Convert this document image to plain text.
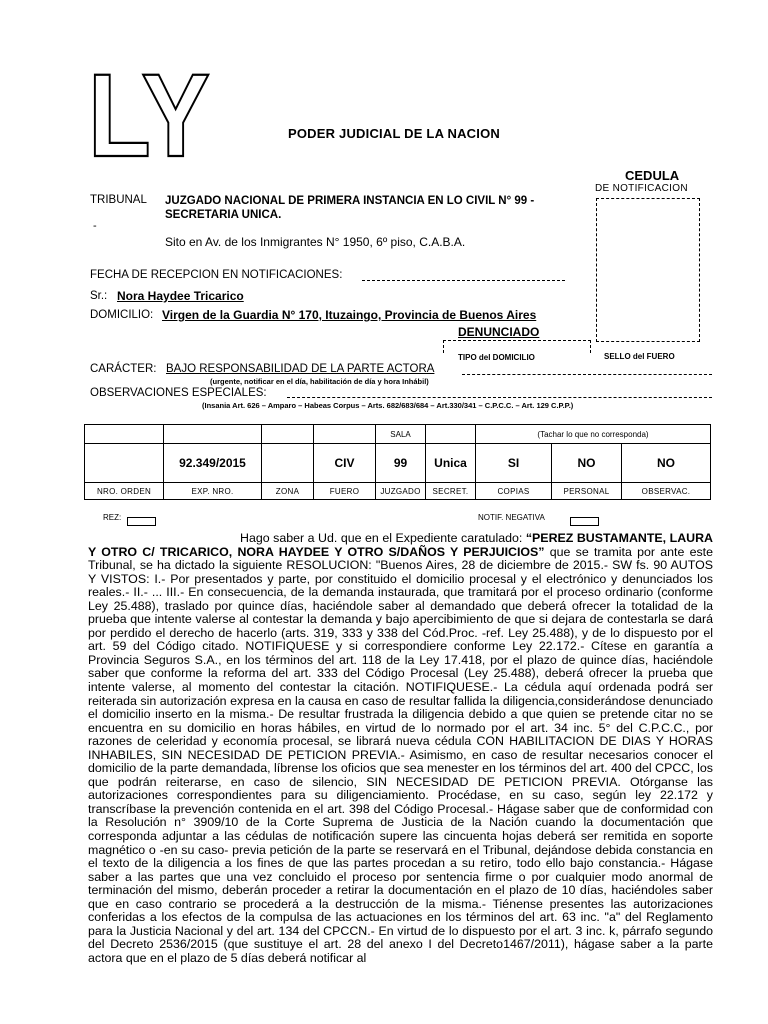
LY	PODER JUDICIAL DE LA NACION
CEDULA
DE NOTIFICACION
SELLO del FUERO
TRIBUNAL JUZGADO NACIONAL DE PRIMERA INSTANCIA EN LO CIVIL N° 99 - SECRETARIA UNICA.
-
Sito en Av. de los Inmigrantes N° 1950, 6º piso, C.A.B.A.
FECHA DE RECEPCION EN NOTIFICACIONES:
Sr.: Nora Haydee Tricarico
DOMICILIO: Virgen de la Guardia N° 170, Ituzaingo, Provincia de Buenos Aires
DENUNCIADO
TIPO del DOMICILIO
CARÁCTER: BAJO RESPONSABILIDAD DE LA PARTE ACTORA
(urgente, notificar en el día, habilitación de día y hora Inhábil)
OBSERVACIONES ESPECIALES:
(Insania Art. 626 – Amparo – Habeas Corpus – Arts. 682/683/684 – Art.330/341 – C.P.C.C. – Art. 129 C.P.P.)
				SALA		(Tachar lo que no corresponda)		
	92.349/2015		CIV	99	Unica	SI	NO	NO
NRO. ORDEN	EXP. NRO.	ZONA	FUERO	JUZGADO	SECRET.	COPIAS	PERSONAL	OBSERVAC.
REZ:	NOTIF. NEGATIVA
Hago saber a Ud. que en el Expediente caratulado: “PEREZ BUSTAMANTE, LAURA Y OTRO C/ TRICARICO, NORA HAYDEE Y OTRO S/DAÑOS Y PERJUICIOS” que se tramita por ante este Tribunal, se ha dictado la siguiente RESOLUCION: "Buenos Aires, 28 de diciembre de 2015.- SW fs. 90 AUTOS Y VISTOS: I.- Por presentados y parte, por constituido el domicilio procesal y el electrónico y denunciados los reales.- II.- ... III.- En consecuencia, de la demanda instaurada, que tramitará por el proceso ordinario (conforme Ley 25.488), traslado por quince días, haciéndole saber al demandado que deberá ofrecer la totalidad de la prueba que intente valerse al contestar la demanda y bajo apercibimiento de que si dejara de contestarla se dará por perdido el derecho de hacerlo (arts. 319, 333 y 338 del Cód.Proc. -ref. Ley 25.488), y de lo dispuesto por el art. 59 del Código citado. NOTIFIQUESE y si correspondiere conforme Ley 22.172.- Cítese en garantía a Provincia Seguros S.A., en los términos del art. 118 de la Ley 17.418, por el plazo de quince días, haciéndole saber que conforme la reforma del art. 333 del Código Procesal (Ley 25.488), deberá ofrecer la prueba que intente valerse, al momento del contestar la citación. NOTIFIQUESE.- La cédula aquí ordenada podrá ser reiterada sin autorización expresa en la causa en caso de resultar fallida la diligencia,considerándose denunciado el domicilio inserto en la misma.- De resultar frustrada la diligencia debido a que quien se pretende citar no se encuentra en su domicilio en horas hábiles, en virtud de lo normado por el art. 34 inc. 5° del C.P.C.C., por razones de celeridad y economía procesal, se librará nueva cédula CON HABILITACION DE DIAS Y HORAS INHABILES, SIN NECESIDAD DE PETICION PREVIA.- Asimismo, en caso de resultar necesarios conocer el domicilio de la parte demandada, líbrense los oficios que sea menester en los términos del art. 400 del CPCC, los que podrán reiterarse, en caso de silencio, SIN NECESIDAD DE PETICION PREVIA. Otórganse las autorizaciones correspondientes para su diligenciamiento. Procédase, en su caso, según ley 22.172 y transcríbase la prevención contenida en el art. 398 del Código Procesal.- Hágase saber que de conformidad con la Resolución n° 3909/10 de la Corte Suprema de Justicia de la Nación cuando la documentación que corresponda adjuntar a las cédulas de notificación supere las cincuenta hojas deberá ser remitida en soporte magnético o -en su caso- previa petición de la parte se reservará en el Tribunal, dejándose debida constancia en el texto de la diligencia a los fines de que las partes procedan a su retiro, todo ello bajo constancia.- Hágase saber a las partes que una vez concluido el proceso por sentencia firme o por cualquier modo anormal de terminación del mismo, deberán proceder a retirar la documentación en el plazo de 10 días, haciéndoles saber que en caso contrario se procederá a la destrucción de la misma.- Tiénense presentes las autorizaciones conferidas a los efectos de la compulsa de las actuaciones en los términos del art. 63 inc. "a" del Reglamento para la Justicia Nacional y del art. 134 del CPCCN.- En virtud de lo dispuesto por el art. 3 inc. k, párrafo segundo del Decreto 2536/2015 (que sustituye el art. 28 del anexo I del Decreto1467/2011), hágase saber a la parte actora que en el plazo de 5 días deberá notificar al
